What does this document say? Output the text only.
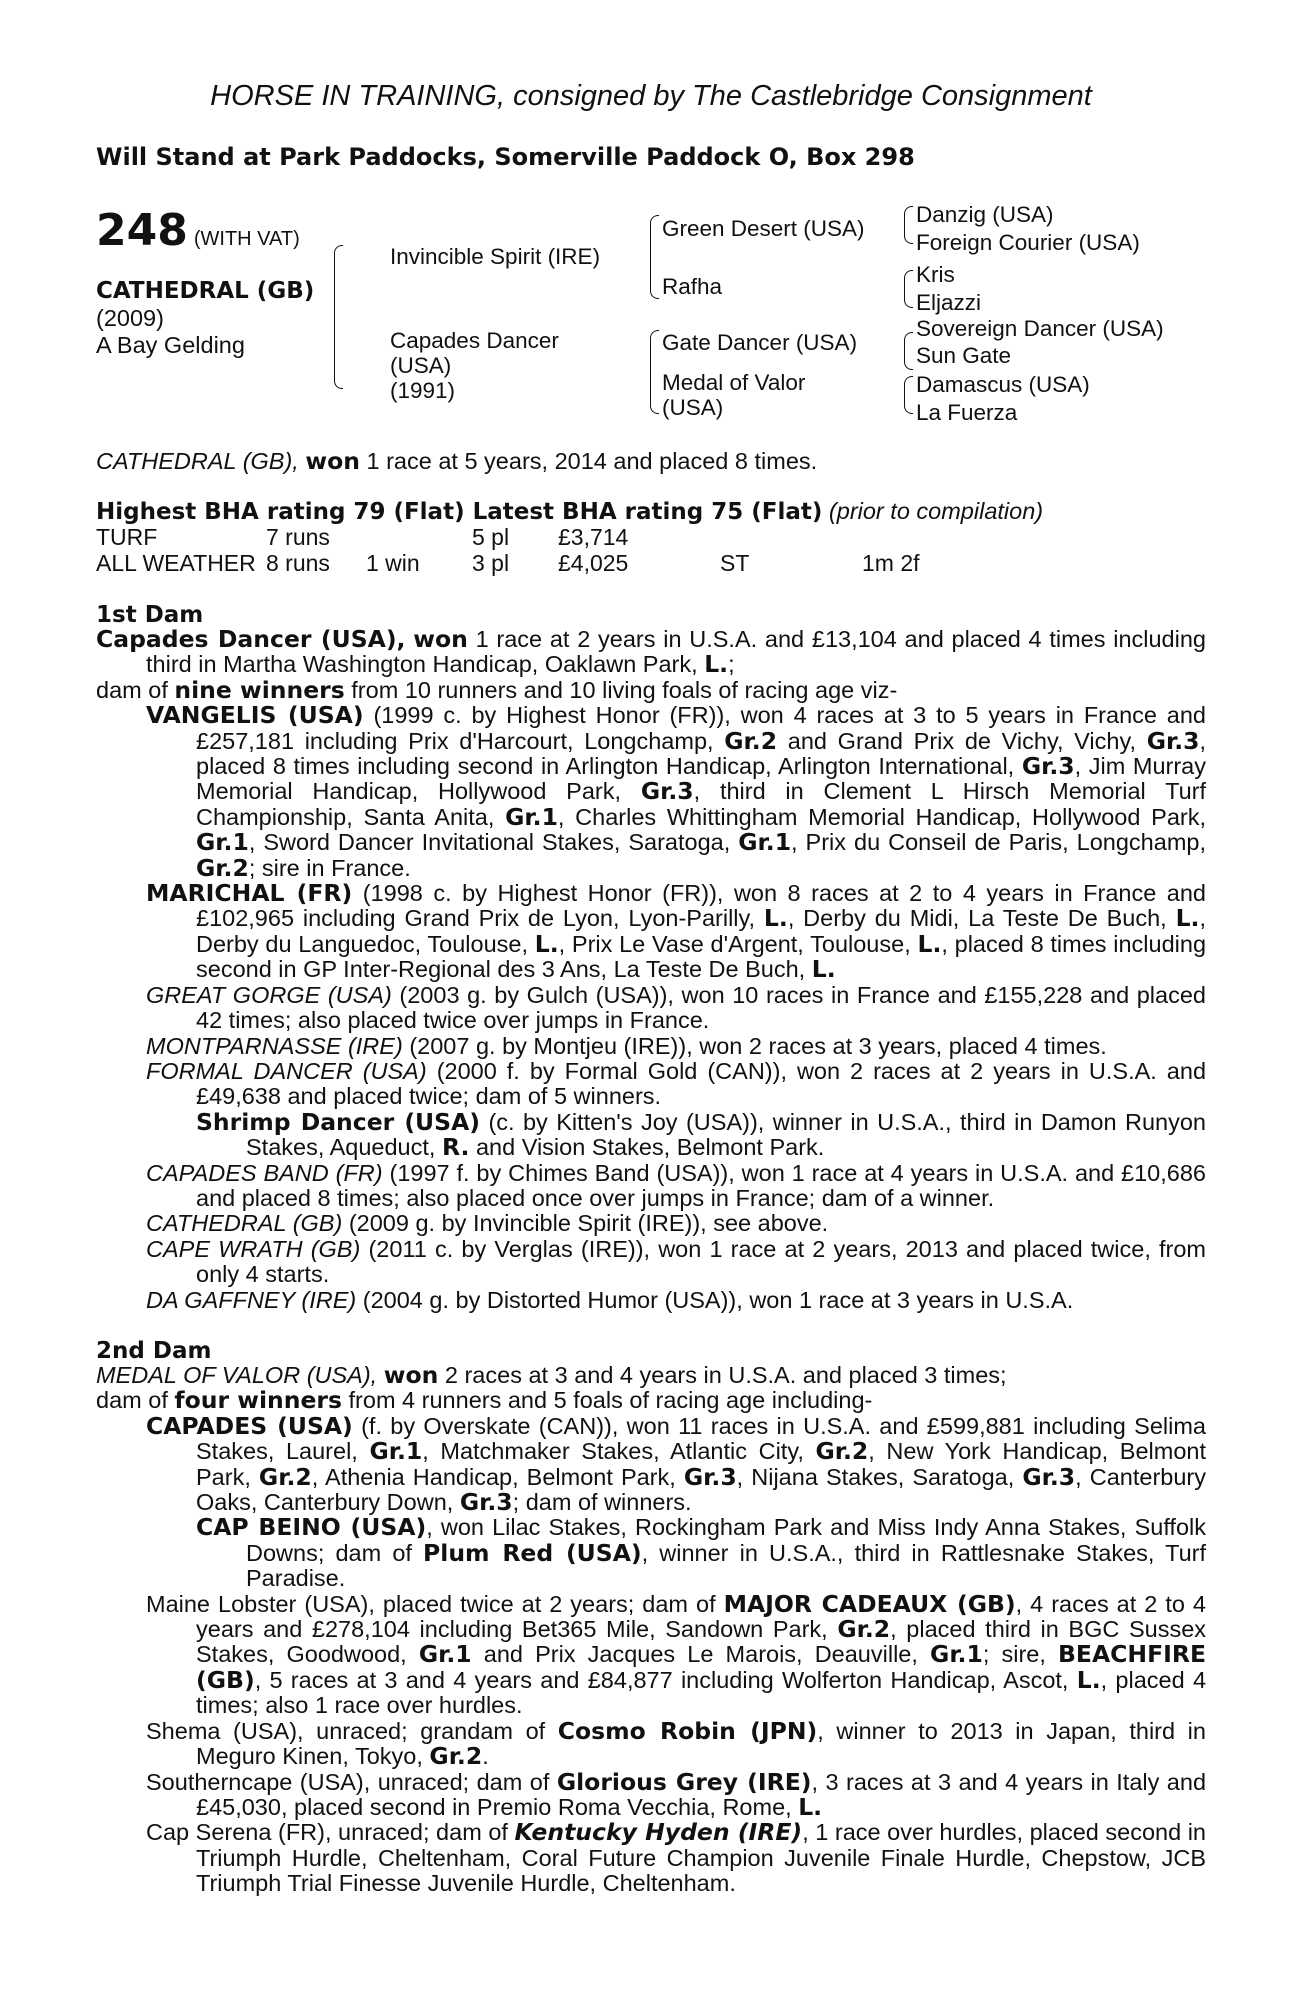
HORSE IN TRAINING, consigned by The Castlebridge Consignment
Will Stand at Park Paddocks, Somerville Paddock O, Box 298
248 (WITH VAT)
CATHEDRAL (GB)
(2009)
A Bay Gelding
Invincible Spirit (IRE)
Capades Dancer
(USA)
(1991)
Green Desert (USA)
Rafha
Gate Dancer (USA)
Medal of Valor
(USA)
Danzig (USA)
Foreign Courier (USA)
Kris
Eljazzi
Sovereign Dancer (USA)
Sun Gate
Damascus (USA)
La Fuerza
CATHEDRAL (GB), won 1 race at 5 years, 2014 and placed 8 times.
Highest BHA rating 79 (Flat) Latest BHA rating 75 (Flat) (prior to compilation)
TURF	7 runs	5 pl £3,714
ALL WEATHER 8 runs 1 win 3 pl £4,025	ST	1m 2f
1st Dam

Capades Dancer (USA), won 1 race at 2 years in U.S.A. and £13,104 and placed 4 times including third in Martha Washington Handicap, Oaklawn Park, L.;

dam of nine winners from 10 runners and 10 living foals of racing age viz-

VANGELIS (USA) (1999 c. by Highest Honor (FR)), won 4 races at 3 to 5 years in France and £257,181 including Prix d'Harcourt, Longchamp, Gr.2 and Grand Prix de Vichy, Vichy, Gr.3, placed 8 times including second in Arlington Handicap, Arlington International, Gr.3, Jim Murray Memorial Handicap, Hollywood Park, Gr.3, third in Clement L Hirsch Memorial Turf Championship, Santa Anita, Gr.1, Charles Whittingham Memorial Handicap, Hollywood Park, Gr.1, Sword Dancer Invitational Stakes, Saratoga, Gr.1, Prix du Conseil de Paris, Longchamp, Gr.2; sire in France.

MARICHAL (FR) (1998 c. by Highest Honor (FR)), won 8 races at 2 to 4 years in France and £102,965 including Grand Prix de Lyon, Lyon-Parilly, L., Derby du Midi, La Teste De Buch, L., Derby du Languedoc, Toulouse, L., Prix Le Vase d'Argent, Toulouse, L., placed 8 times including second in GP Inter-Regional des 3 Ans, La Teste De Buch, L.

GREAT GORGE (USA) (2003 g. by Gulch (USA)), won 10 races in France and £155,228 and placed 42 times; also placed twice over jumps in France.

MONTPARNASSE (IRE) (2007 g. by Montjeu (IRE)), won 2 races at 3 years, placed 4 times.

FORMAL DANCER (USA) (2000 f. by Formal Gold (CAN)), won 2 races at 2 years in U.S.A. and £49,638 and placed twice; dam of 5 winners.

Shrimp Dancer (USA) (c. by Kitten's Joy (USA)), winner in U.S.A., third in Damon Runyon Stakes, Aqueduct, R. and Vision Stakes, Belmont Park.

CAPADES BAND (FR) (1997 f. by Chimes Band (USA)), won 1 race at 4 years in U.S.A. and £10,686 and placed 8 times; also placed once over jumps in France; dam of a winner.

CATHEDRAL (GB) (2009 g. by Invincible Spirit (IRE)), see above.

CAPE WRATH (GB) (2011 c. by Verglas (IRE)), won 1 race at 2 years, 2013 and placed twice, from only 4 starts.

DA GAFFNEY (IRE) (2004 g. by Distorted Humor (USA)), won 1 race at 3 years in U.S.A.

2nd Dam

MEDAL OF VALOR (USA), won 2 races at 3 and 4 years in U.S.A. and placed 3 times;

dam of four winners from 4 runners and 5 foals of racing age including-

CAPADES (USA) (f. by Overskate (CAN)), won 11 races in U.S.A. and £599,881 including Selima Stakes, Laurel, Gr.1, Matchmaker Stakes, Atlantic City, Gr.2, New York Handicap, Belmont Park, Gr.2, Athenia Handicap, Belmont Park, Gr.3, Nijana Stakes, Saratoga, Gr.3, Canterbury Oaks, Canterbury Down, Gr.3; dam of winners.

CAP BEINO (USA), won Lilac Stakes, Rockingham Park and Miss Indy Anna Stakes, Suffolk Downs; dam of Plum Red (USA), winner in U.S.A., third in Rattlesnake Stakes, Turf Paradise.

Maine Lobster (USA), placed twice at 2 years; dam of MAJOR CADEAUX (GB), 4 races at 2 to 4 years and £278,104 including Bet365 Mile, Sandown Park, Gr.2, placed third in BGC Sussex Stakes, Goodwood, Gr.1 and Prix Jacques Le Marois, Deauville, Gr.1; sire, BEACHFIRE (GB), 5 races at 3 and 4 years and £84,877 including Wolferton Handicap, Ascot, L., placed 4 times; also 1 race over hurdles.

Shema (USA), unraced; grandam of Cosmo Robin (JPN), winner to 2013 in Japan, third in Meguro Kinen, Tokyo, Gr.2.

Southerncape (USA), unraced; dam of Glorious Grey (IRE), 3 races at 3 and 4 years in Italy and £45,030, placed second in Premio Roma Vecchia, Rome, L.

Cap Serena (FR), unraced; dam of Kentucky Hyden (IRE), 1 race over hurdles, placed second in Triumph Hurdle, Cheltenham, Coral Future Champion Juvenile Finale Hurdle, Chepstow, JCB Triumph Trial Finesse Juvenile Hurdle, Cheltenham.
